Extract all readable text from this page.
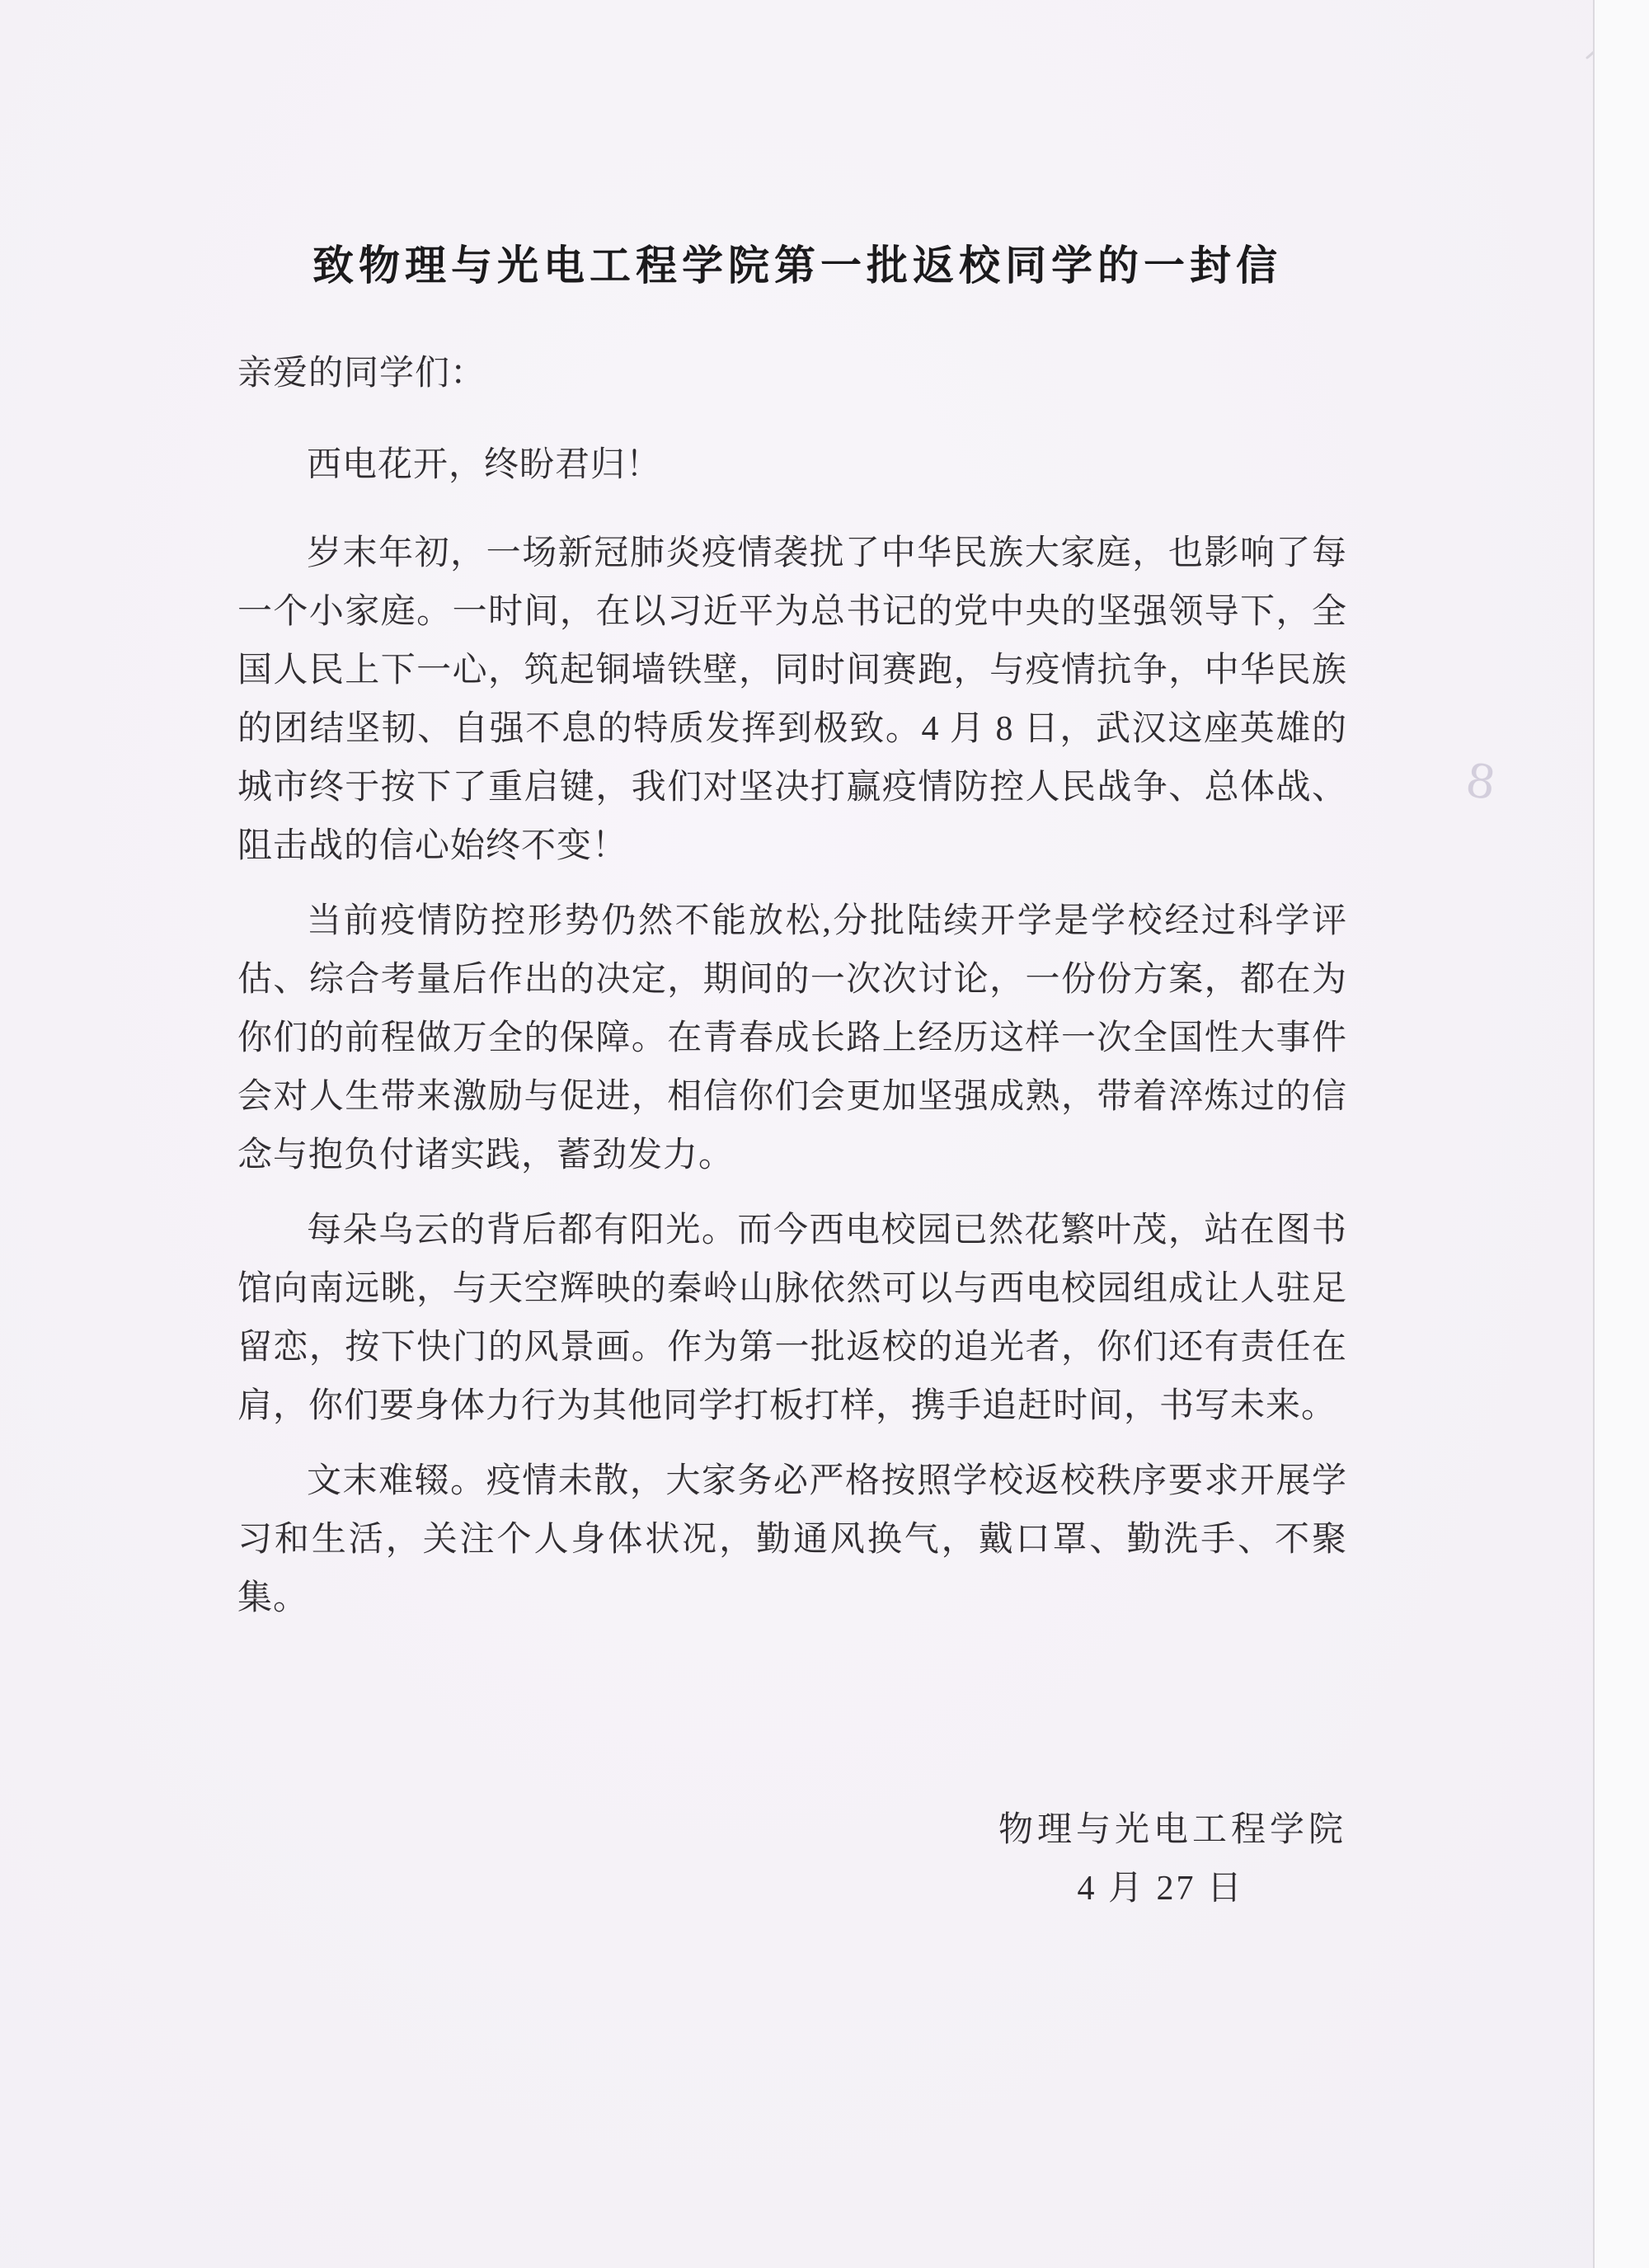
致物理与光电工程学院第一批返校同学的一封信

亲爱的同学们：

西电花开，终盼君归！

岁末年初，一场新冠肺炎疫情袭扰了中华民族大家庭，也影响了每一个小家庭。一时间，在以习近平为总书记的党中央的坚强领导下，全国人民上下一心，筑起铜墙铁壁，同时间赛跑，与疫情抗争，中华民族的团结坚韧、自强不息的特质发挥到极致。4 月 8 日，武汉这座英雄的城市终于按下了重启键，我们对坚决打赢疫情防控人民战争、总体战、阻击战的信心始终不变！

当前疫情防控形势仍然不能放松,分批陆续开学是学校经过科学评估、综合考量后作出的决定，期间的一次次讨论，一份份方案，都在为你们的前程做万全的保障。在青春成长路上经历这样一次全国性大事件会对人生带来激励与促进，相信你们会更加坚强成熟，带着淬炼过的信念与抱负付诸实践，蓄劲发力。

每朵乌云的背后都有阳光。而今西电校园已然花繁叶茂，站在图书馆向南远眺，与天空辉映的秦岭山脉依然可以与西电校园组成让人驻足留恋，按下快门的风景画。作为第一批返校的追光者，你们还有责任在肩，你们要身体力行为其他同学打板打样，携手追赶时间，书写未来。

文末难辍。疫情未散，大家务必严格按照学校返校秩序要求开展学习和生活，关注个人身体状况，勤通风换气，戴口罩、勤洗手、不聚集。

物理与光电工程学院

4 月 27 日

8
